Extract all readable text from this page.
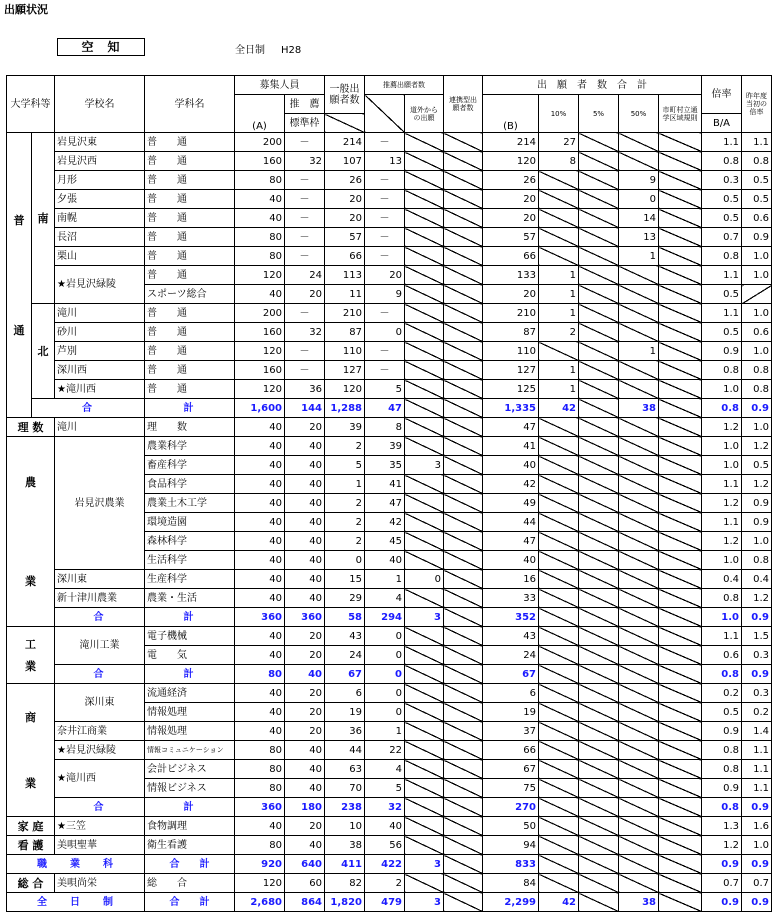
出願状況
空　知	全日制 H28
大学科等		学校名	学科名	募集人員		一般出
願者数	推薦出願者数		連携型出願者数	出　願　者　数　合　計					倍率	昨年度当初の倍率
				(A)	推　薦			道外からの出願		(B)	10%	5%	50%	市町村立通学区域規則		
					標準枠										B/A	
普

通	南	岩見沢東	普　　通	200	－	214	－			214	27				1.1	1.1
		岩見沢西	普　　通	160	32	107	13			120	8				0.8	0.8
		月形	普　　通	80	－	26	－			26			9		0.3	0.5
		夕張	普　　通	40	－	20	－			20			0		0.5	0.5
		南幌	普　　通	40	－	20	－			20			14		0.5	0.6
		長沼	普　　通	80	－	57	－			57			13		0.7	0.9
		栗山	普　　通	80	－	66	－			66			1		0.8	1.0
		★岩見沢緑陵	普　　通	120	24	113	20			133	1				1.1	1.0
			スポーツ総合	40	20	11	9			20	1				0.5	
	北	滝川	普　　通	200	－	210	－			210	1				1.1	1.0
		砂川	普　　通	160	32	87	0			87	2				0.5	0.6
		芦別	普　　通	120	－	110	－			110			1		0.9	1.0
		深川西	普　　通	160	－	127	－			127	1				0.8	0.8
		★滝川西	普　　通	120	36	120	5			125	1				1.0	0.8
	合		計	1,600	144	1,288	47			1,335	42		38		0.8	0.9
理 数		滝川	理　　数	40	20	39	8			47					1.2	1.0
農

業		岩見沢農業	農業科学	40	40	2	39			41					1.0	1.2
			畜産科学	40	40	5	35	3		40					1.0	0.5
			食品科学	40	40	1	41			42					1.1	1.2
			農業土木工学	40	40	2	47			49					1.2	0.9
			環境造園	40	40	2	42			44					1.1	0.9
			森林科学	40	40	2	45			47					1.2	1.0
			生活科学	40	40	0	40			40					1.0	0.8
		深川東	生産科学	40	40	15	1	0		16					0.4	0.4
		新十津川農業	農業・生活	40	40	29	4			33					0.8	1.2
		合	計	360	360	58	294	3		352					1.0	0.9
工

業		滝川工業	電子機械	40	20	43	0			43					1.1	1.5
			電　　気	40	20	24	0			24					0.6	0.3
		合	計	80	40	67	0			67					0.8	0.9
商

業		深川東	流通経済	40	20	6	0			6					0.2	0.3
			情報処理	40	20	19	0			19					0.5	0.2
		奈井江商業	情報処理	40	20	36	1			37					0.9	1.4
		★岩見沢緑陵	情報コミュニケーション	80	40	44	22			66					0.8	1.1
		★滝川西	会計ビジネス	80	40	63	4			67					0.8	1.1
			情報ビジネス	80	40	70	5			75					0.9	1.1
		合	計	360	180	238	32			270					0.8	0.9
家 庭		★三笠	食物調理	40	20	10	40			50					1.3	1.6
看 護		美唄聖華	衛生看護	80	40	38	56			94					1.2	1.0
職　　業　　科			合　　 計	920	640	411	422	3		833					0.9	0.9
総 合		美唄尚栄	総　　合	120	60	82	2			84					0.7	0.7
全　　日　　制			合　　 計	2,680	864	1,820	479	3		2,299	42		38		0.9	0.9
